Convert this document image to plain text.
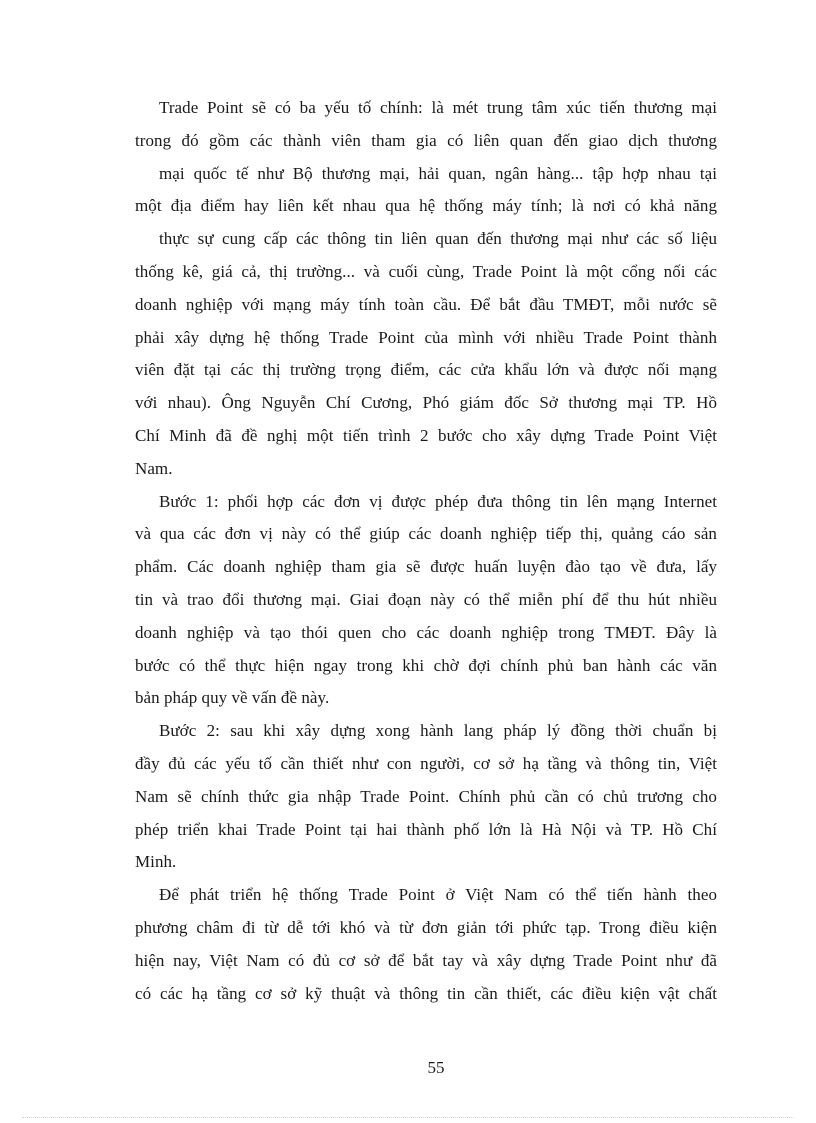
Trade Point sẽ có ba yếu tố chính: là mét trung tâm xúc tiến thương mại
trong đó gồm các thành viên tham gia có liên quan đến giao dịch thương
mại quốc tế như Bộ thương mại, hải quan, ngân hàng... tập hợp nhau tại
một địa điểm hay liên kết nhau qua hệ thống máy tính; là nơi có khả năng
thực sự cung cấp các thông tin liên quan đến thương mại như các số liệu
thống kê, giá cả, thị trường... và cuối cùng, Trade Point là một cổng nối các
doanh nghiệp với mạng máy tính toàn cầu. Để bắt đầu TMĐT, mỗi nước sẽ
phải xây dựng hệ thống Trade Point của mình với nhiều Trade Point thành
viên đặt tại các thị trường trọng điểm, các cửa khẩu lớn và được nối mạng
với nhau). Ông Nguyễn Chí Cương, Phó giám đốc Sở thương mại TP. Hồ
Chí Minh đã đề nghị một tiến trình 2 bước cho xây dựng Trade Point Việt
Nam.
Bước 1: phối hợp các đơn vị được phép đưa thông tin lên mạng Internet
và qua các đơn vị này có thể giúp các doanh nghiệp tiếp thị, quảng cáo sản
phẩm. Các doanh nghiệp tham gia sẽ được huấn luyện đào tạo về đưa, lấy
tin và trao đổi thương mại. Giai đoạn này có thể miễn phí để thu hút nhiều
doanh nghiệp và tạo thói quen cho các doanh nghiệp trong TMĐT. Đây là
bước có thể thực hiện ngay trong khi chờ đợi chính phủ ban hành các văn
bản pháp quy về vấn đề này.
Bước 2: sau khi xây dựng xong hành lang pháp lý đồng thời chuẩn bị
đầy đủ các yếu tố cần thiết như con người, cơ sở hạ tầng và thông tin, Việt
Nam sẽ chính thức gia nhập Trade Point. Chính phủ cần có chủ trương cho
phép triển khai Trade Point tại hai thành phố lớn là Hà Nội và TP. Hồ Chí
Minh.
Để phát triển hệ thống Trade Point ở Việt Nam có thể tiến hành theo
phương châm đi từ dễ tới khó và từ đơn giản tới phức tạp. Trong điều kiện
hiện nay, Việt Nam có đủ cơ sở để bắt tay và xây dựng Trade Point như đã
có các hạ tầng cơ sở kỹ thuật và thông tin cần thiết, các điều kiện vật chất
55
